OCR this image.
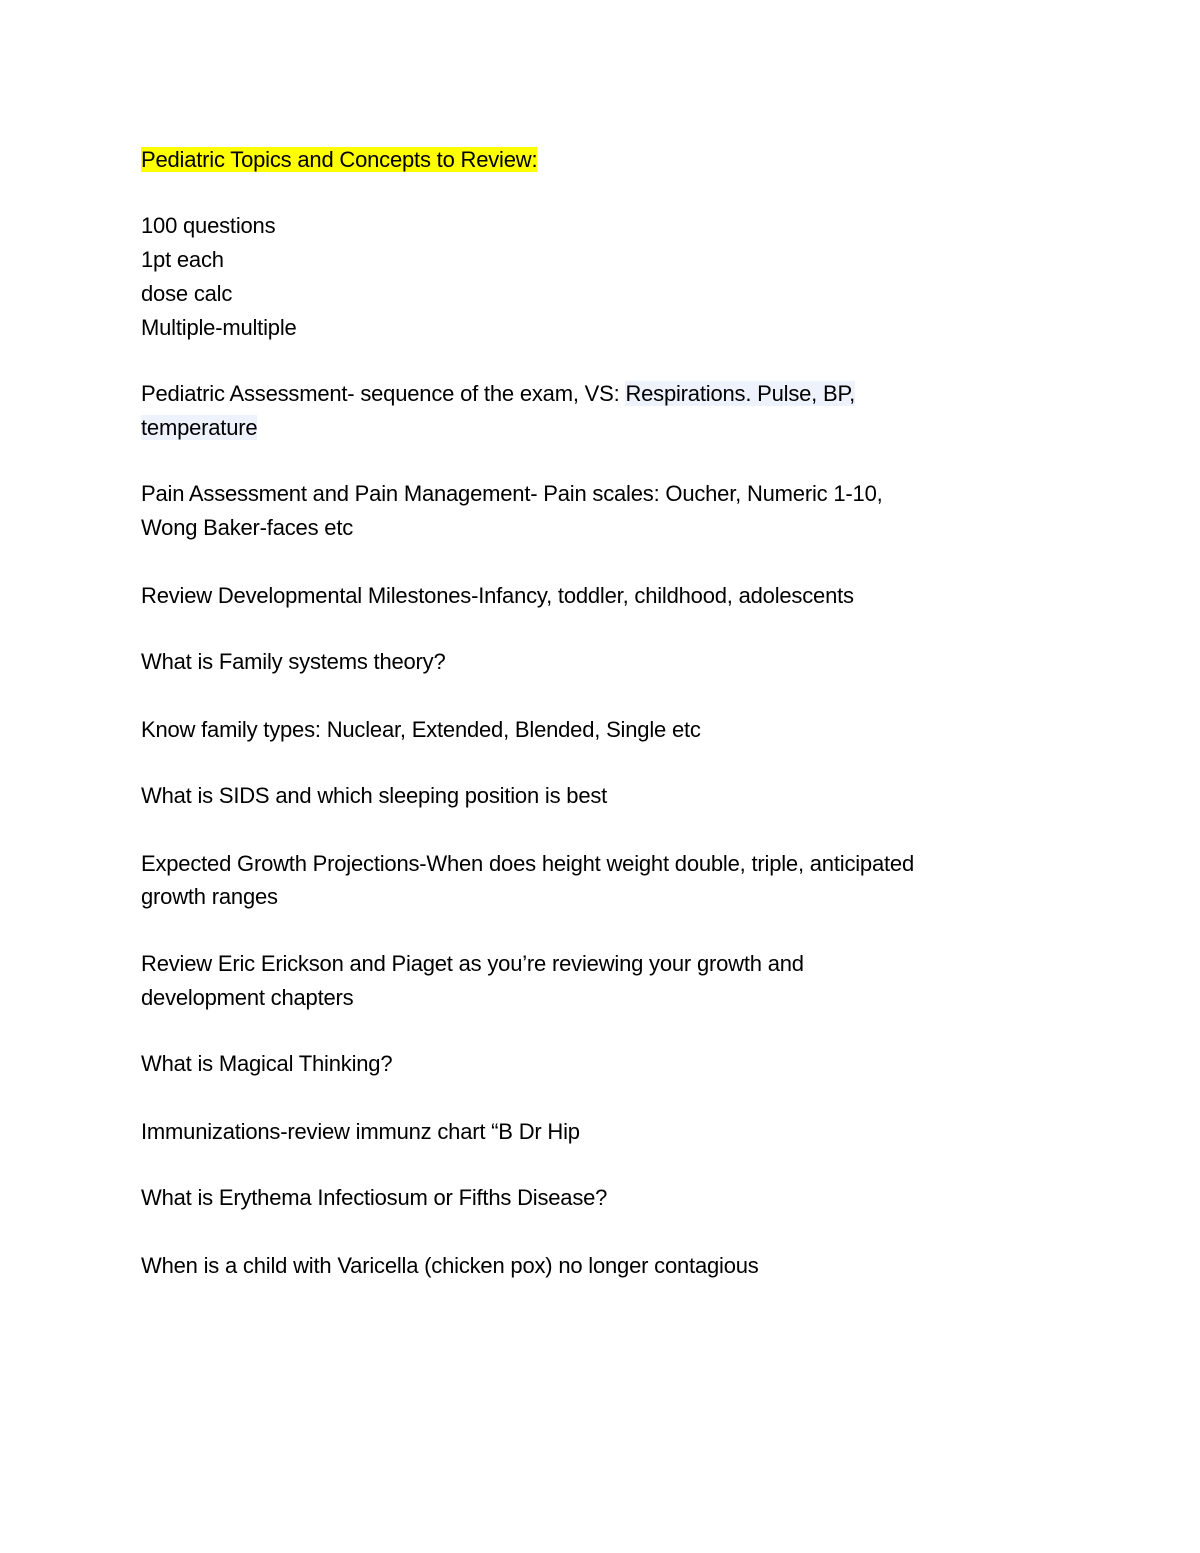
Pediatric Topics and Concepts to Review:
100 questions
1pt each
dose calc
Multiple-multiple
Pediatric Assessment- sequence of the exam, VS: Respirations. Pulse, BP,
temperature
Pain Assessment and Pain Management- Pain scales: Oucher, Numeric 1-10,
Wong Baker-faces etc
Review Developmental Milestones-Infancy, toddler, childhood, adolescents
What is Family systems theory?
Know family types: Nuclear, Extended, Blended, Single etc
What is SIDS and which sleeping position is best
Expected Growth Projections-When does height weight double, triple, anticipated
growth ranges
Review Eric Erickson and Piaget as you’re reviewing your growth and
development chapters
What is Magical Thinking?
Immunizations-review immunz chart “B Dr Hip
What is Erythema Infectiosum or Fifths Disease?
When is a child with Varicella (chicken pox) no longer contagious
